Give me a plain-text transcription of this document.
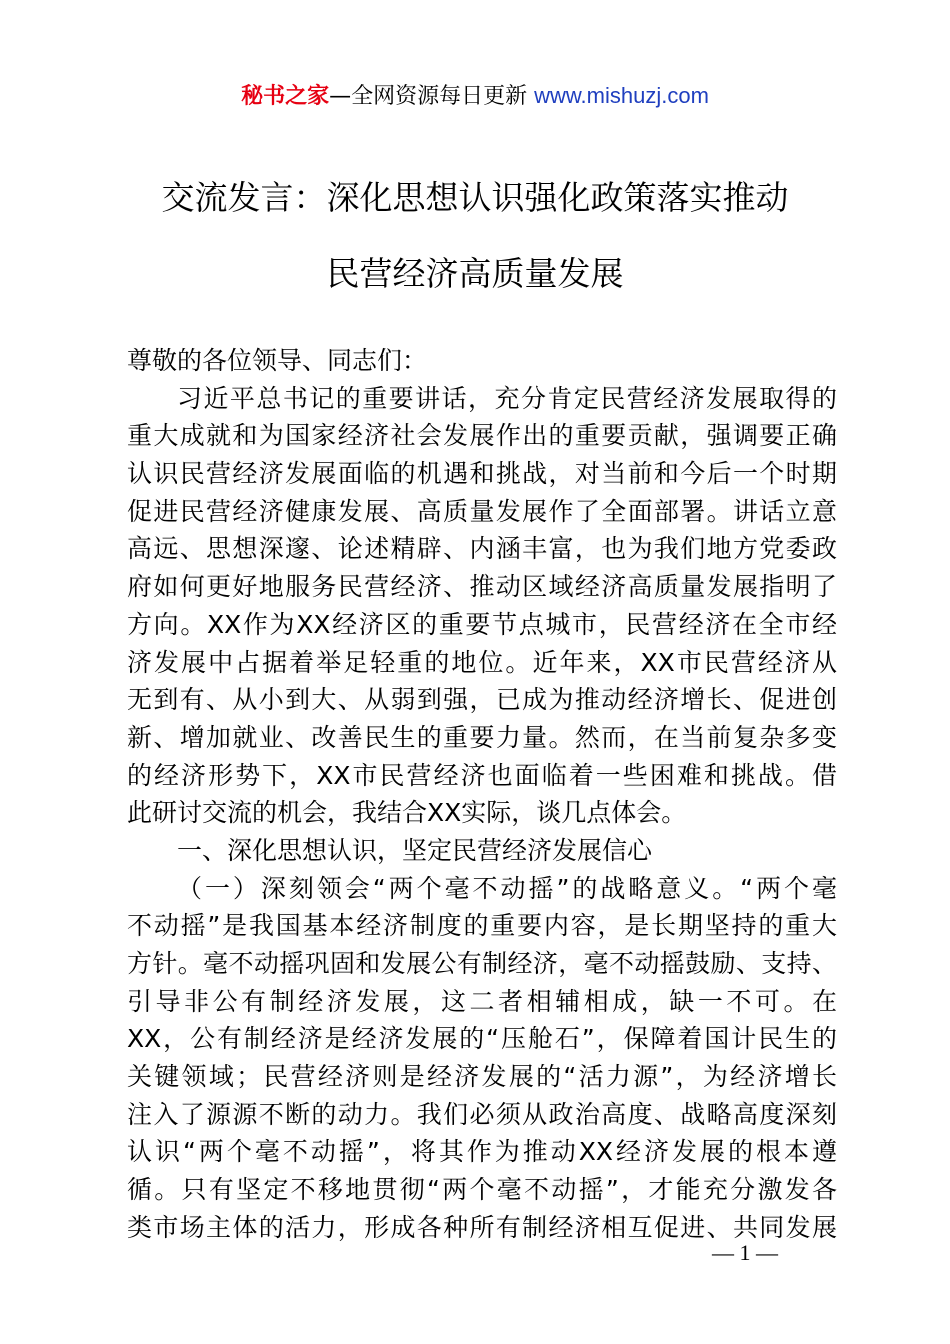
秘书之家—全网资源每日更新 www.mishuzj.com
交流发言：深化思想认识强化政策落实推动
民营经济高质量发展
尊敬的各位领导、同志们：
习近平总书记的重要讲话，充分肯定民营经济发展取得的
重大成就和为国家经济社会发展作出的重要贡献，强调要正确
认识民营经济发展面临的机遇和挑战，对当前和今后一个时期
促进民营经济健康发展、高质量发展作了全面部署。讲话立意
高远、思想深邃、论述精辟、内涵丰富，也为我们地方党委政
府如何更好地服务民营经济、推动区域经济高质量发展指明了
方向。XX作为XX经济区的重要节点城市，民营经济在全市经
济发展中占据着举足轻重的地位。近年来，XX市民营经济从
无到有、从小到大、从弱到强，已成为推动经济增长、促进创
新、增加就业、改善民生的重要力量。然而，在当前复杂多变
的经济形势下，XX市民营经济也面临着一些困难和挑战。借
此研讨交流的机会，我结合XX实际，谈几点体会。
一、深化思想认识，坚定民营经济发展信心
（一）深刻领会“两个毫不动摇”的战略意义。“两个毫
不动摇”是我国基本经济制度的重要内容，是长期坚持的重大
方针。毫不动摇巩固和发展公有制经济，毫不动摇鼓励、支持、
引导非公有制经济发展，这二者相辅相成，缺一不可。在
XX，公有制经济是经济发展的“压舱石”，保障着国计民生的
关键领域；民营经济则是经济发展的“活力源”，为经济增长
注入了源源不断的动力。我们必须从政治高度、战略高度深刻
认识“两个毫不动摇”，将其作为推动XX经济发展的根本遵
循。只有坚定不移地贯彻“两个毫不动摇”，才能充分激发各
类市场主体的活力，形成各种所有制经济相互促进、共同发展
— 1 —
